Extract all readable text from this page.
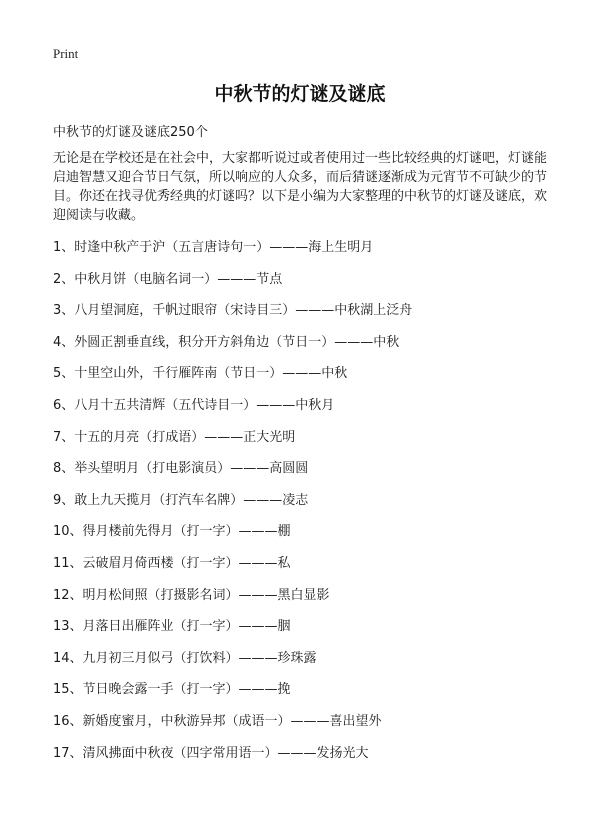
Print
中秋节的灯谜及谜底
中秋节的灯谜及谜底250个

无论是在学校还是在社会中，大家都听说过或者使用过一些比较经典的灯谜吧，灯谜能启迪智慧又迎合节日气氛，所以响应的人众多，而后猜谜逐渐成为元宵节不可缺少的节目。你还在找寻优秀经典的灯谜吗？以下是小编为大家整理的中秋节的灯谜及谜底，欢迎阅读与收藏。

1、时逢中秋产于沪（五言唐诗句一）———海上生明月
2、中秋月饼（电脑名词一）———节点
3、八月望洞庭，千帆过眼帘（宋诗目三）———中秋湖上泛舟
4、外圆正割垂直线，积分开方斜角边（节日一）———中秋
5、十里空山外，千行雁阵南（节日一）———中秋
6、八月十五共清辉（五代诗目一）———中秋月
7、十五的月亮（打成语）———正大光明
8、举头望明月（打电影演员）———高圆圆
9、敢上九天揽月（打汽车名牌）———凌志
10、得月楼前先得月（打一字）———棚
11、云破眉月倚西楼（打一字）———私
12、明月松间照（打摄影名词）———黑白显影
13、月落日出雁阵业（打一字）———胭
14、九月初三月似弓（打饮料）———珍珠露
15、节日晚会露一手（打一字）———挽
16、新婚度蜜月，中秋游异邦（成语一）———喜出望外
17、清风拂面中秋夜（四字常用语一）———发扬光大
